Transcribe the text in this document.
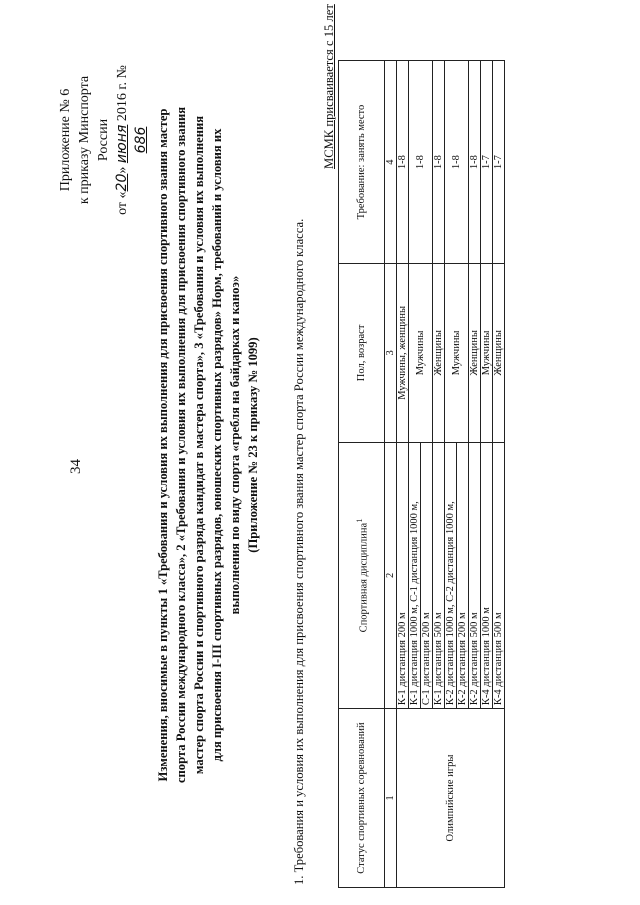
34
Приложение № 6 к приказу Минспорта России
от «20» июня 2016 г. № 686 Изменения, вносимые в пункты 1 «Требования и условия их выполнения для присвоения спортивного звания мастер спорта России международного класса», 2 «Требования и условия их выполнения для присвоения спортивного звания мастер спорта России и спортивного разряда кандидат в мастера спорта», 3 «Требования и условия их выполнения для присвоения I-III спортивных разрядов, юношеских спортивных разрядов» Норм, требований и условия их выполнения по виду спорта «гребля на байдарках и каноэ» (Приложение № 23 к приказу № 1099)	1. Требования и условия их выполнения для присвоения спортивного звания мастер спорта России международного класса.
МСМК присваивается с 15 лет
Статус спортивных соревнований	Спортивная дисциплина$^1$	Пол, возраст	Требование: занять место
1	2	3	4
Олимпийские игры	К-1 дистанция 200 м	Мужчины, женщины	1-8
	К-1 дистанция 1000 м, С-1 дистанция 1000 м,	Мужчины	1-8
	С-1 дистанция 200 м		
	К-1 дистанция 500 м	Женщины	1-8
	К-2 дистанция 1000 м, С-2 дистанция 1000 м,	Мужчины	1-8
	К-2 дистанция 200 м		
	К-2 дистанция 500 м	Женщины	1-8
	К-4 дистанция 1000 м	Мужчины	1-7
	К-4 дистанция 500 м	Женщины	1-7
